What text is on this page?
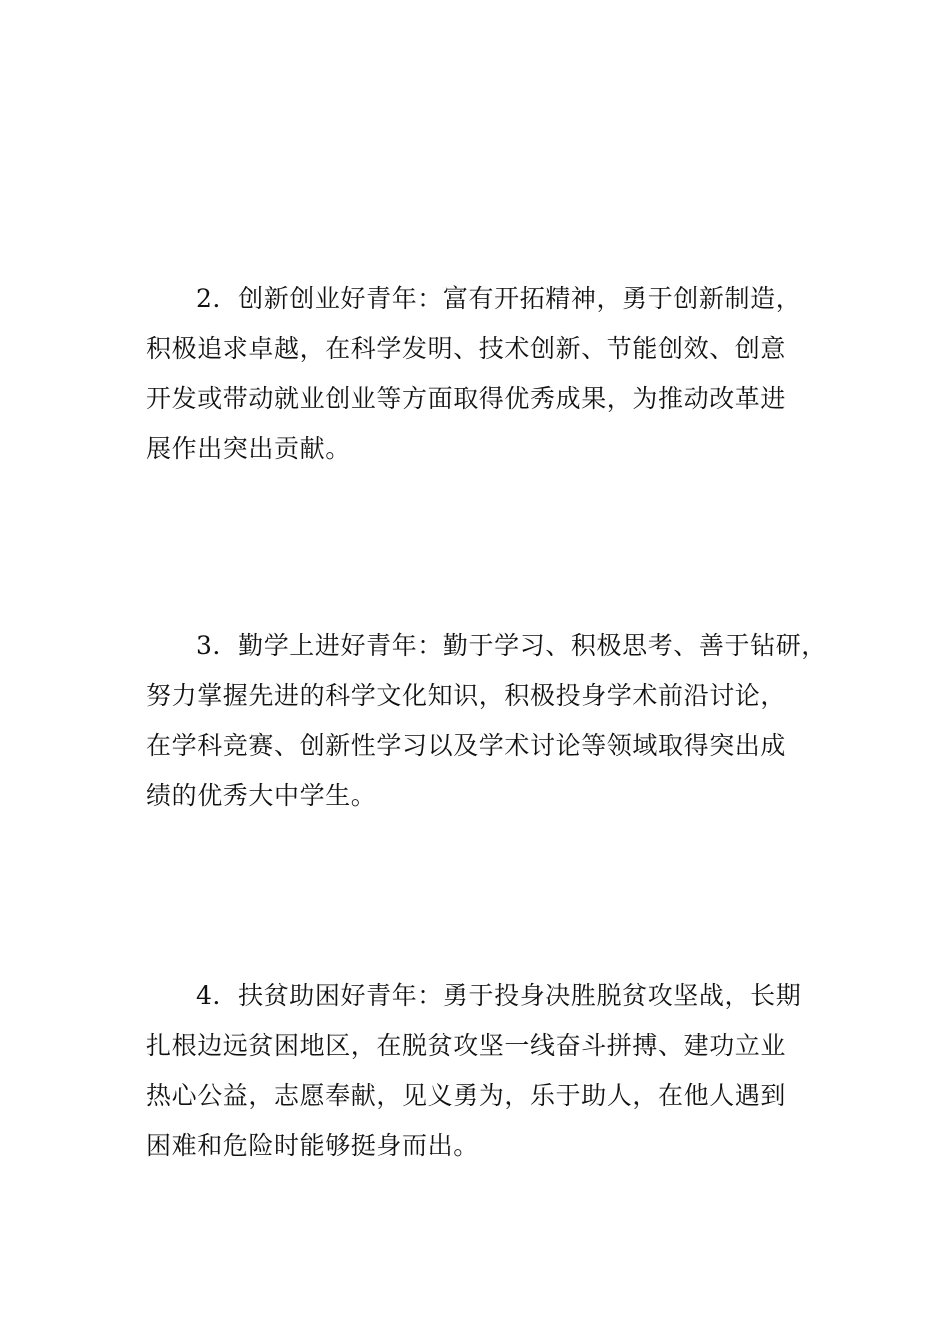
2．创新创业好青年：富有开拓精神，勇于创新制造，
积极追求卓越，在科学发明、技术创新、节能创效、创意
开发或带动就业创业等方面取得优秀成果，为推动改革进
展作出突出贡献。
3．勤学上进好青年：勤于学习、积极思考、善于钻研，
努力掌握先进的科学文化知识，积极投身学术前沿讨论，
在学科竞赛、创新性学习以及学术讨论等领域取得突出成
绩的优秀大中学生。
4．扶贫助困好青年：勇于投身决胜脱贫攻坚战，长期
扎根边远贫困地区，在脱贫攻坚一线奋斗拼搏、建功立业
热心公益，志愿奉献，见义勇为，乐于助人，在他人遇到
困难和危险时能够挺身而出。
